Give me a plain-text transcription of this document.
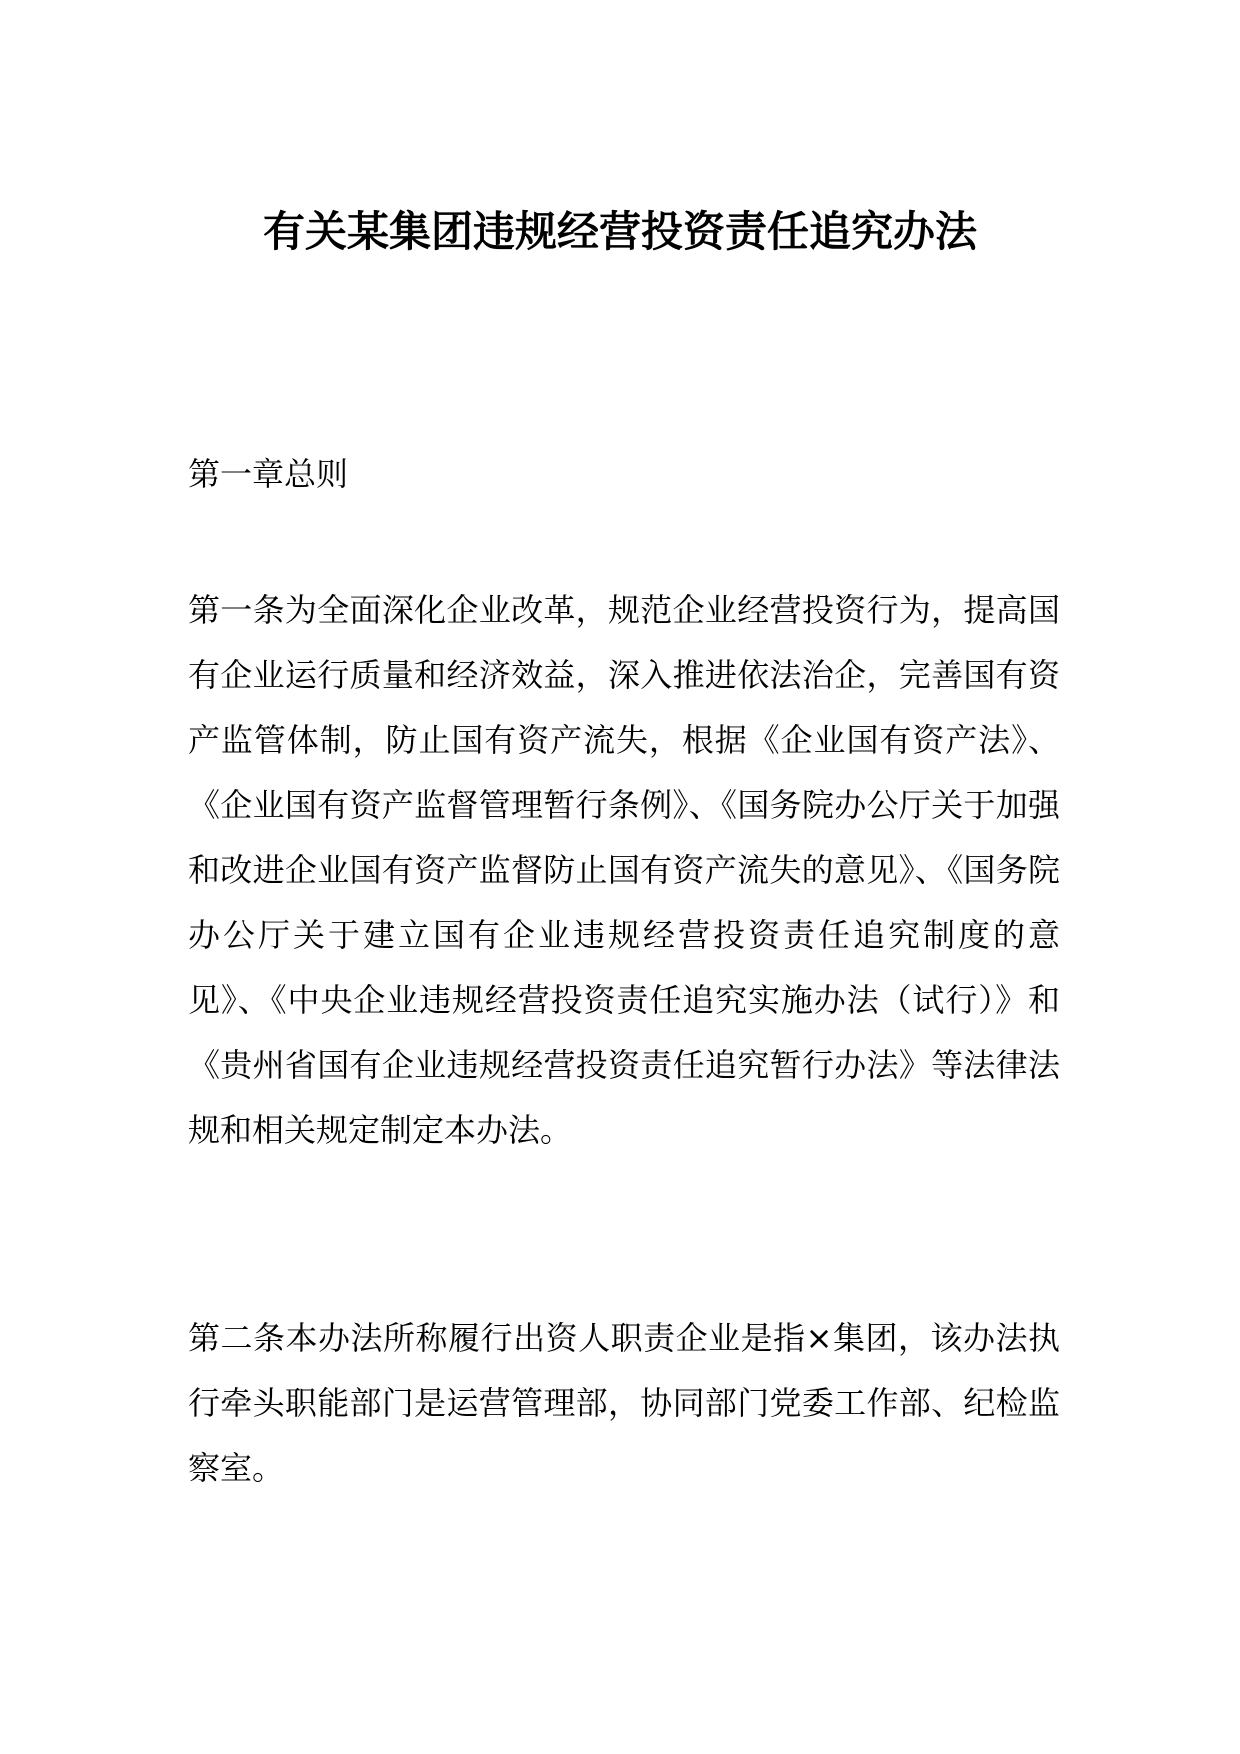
有关某集团违规经营投资责任追究办法
第一章总则
第一条为全面深化企业改革，规范企业经营投资行为，提高国有企业运行质量和经济效益，深入推进依法治企，完善国有资产监管体制，防止国有资产流失，根据《企业国有资产法》、《企业国有资产监督管理暂行条例》、《国务院办公厅关于加强和改进企业国有资产监督防止国有资产流失的意见》、《国务院办公厅关于建立国有企业违规经营投资责任追究制度的意见》、《中央企业违规经营投资责任追究实施办法（试行）》和《贵州省国有企业违规经营投资责任追究暂行办法》等法律法规和相关规定制定本办法。
第二条本办法所称履行出资人职责企业是指×集团，该办法执行牵头职能部门是运营管理部，协同部门党委工作部、纪检监察室。
